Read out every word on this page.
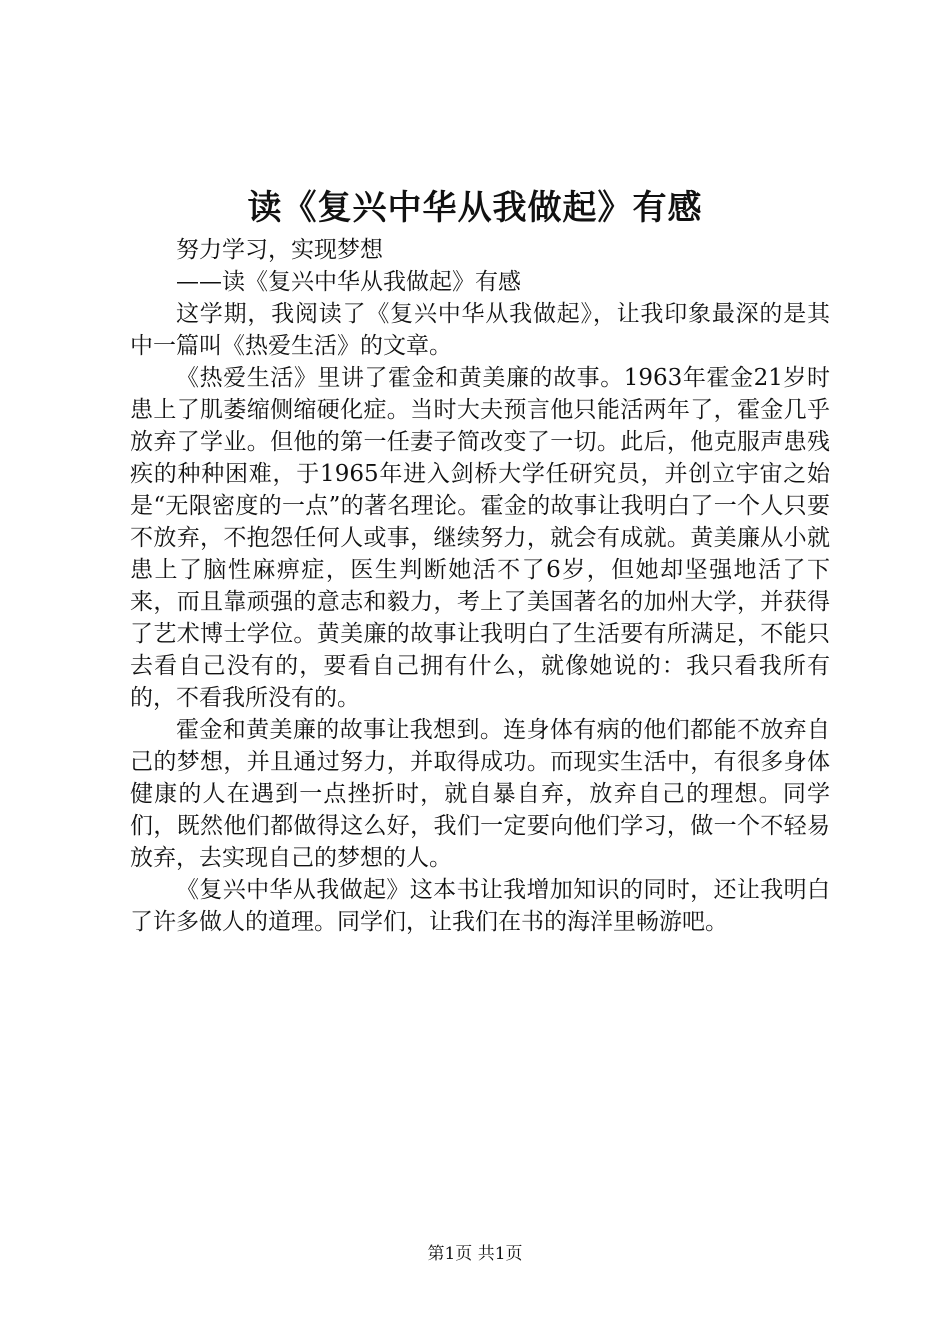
读《复兴中华从我做起》有感

努力学习，实现梦想

——读《复兴中华从我做起》有感

这学期，我阅读了《复兴中华从我做起》，让我印象最深的是其中一篇叫《热爱生活》的文章。

《热爱生活》里讲了霍金和黄美廉的故事。1963年霍金21岁时患上了肌萎缩侧缩硬化症。当时大夫预言他只能活两年了，霍金几乎放弃了学业。但他的第一任妻子简改变了一切。此后，他克服声患残疾的种种困难，于1965年进入剑桥大学任研究员，并创立宇宙之始是“无限密度的一点”的著名理论。霍金的故事让我明白了一个人只要不放弃，不抱怨任何人或事，继续努力，就会有成就。黄美廉从小就患上了脑性麻痹症，医生判断她活不了6岁，但她却坚强地活了下来，而且靠顽强的意志和毅力，考上了美国著名的加州大学，并获得了艺术博士学位。黄美廉的故事让我明白了生活要有所满足，不能只去看自己没有的，要看自己拥有什么，就像她说的：我只看我所有的，不看我所没有的。

霍金和黄美廉的故事让我想到。连身体有病的他们都能不放弃自己的梦想，并且通过努力，并取得成功。而现实生活中，有很多身体健康的人在遇到一点挫折时，就自暴自弃，放弃自己的理想。同学们，既然他们都做得这么好，我们一定要向他们学习，做一个不轻易放弃，去实现自己的梦想的人。

《复兴中华从我做起》这本书让我增加知识的同时，还让我明白了许多做人的道理。同学们，让我们在书的海洋里畅游吧。

第1页 共1页
